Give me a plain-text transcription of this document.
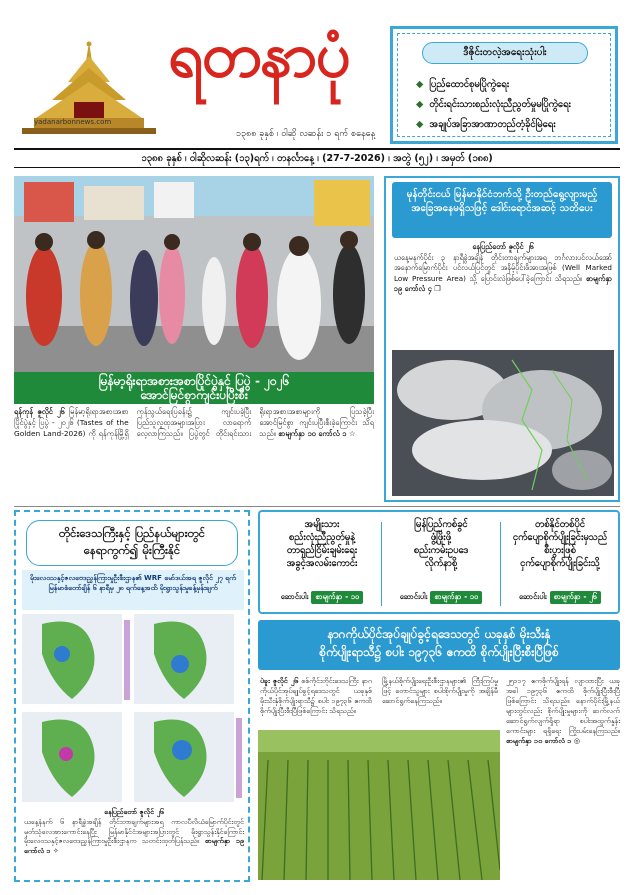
yadanarbonnews.com
ရတနာပုံ
၁၃၈၈ ခုနှစ် ၊ ဝါဆို လဆန်း ၁ ရက် စနေနေ့
၁၃၈၈ ခုနှစ် ၊ ဝါဆိုလဆန်း (၁၃)ရက် ၊ တနင်္လာနေ့ ၊ (27-7-2026) ၊ အတွဲ (၅၂) ၊ အမှတ် (၁၈၈)
ဒီဇိုင်းတလဲ့အရေးသုံးပါး
◆ ပြည်ထောင်စုမပြိုကွဲရေး
◆ တိုင်းရင်းသားစည်းလုံးညီညွတ်မှုမပြိုကွဲရေး
◆ အချုပ်အခြာအာဏာတည်တံ့ခိုင်မြဲရေး
မြန်မာ့ရိုးရာအစားအစာပြိုင်ပွဲနှင့် ပြပွဲ - ၂၀၂၆
အောင်မြင်စွာကျင်းပပြီးစီး
ရန်ကုန် ဇူလိုင် ၂၆ မြန်မာ့ရိုးရာအစားအစာပြိုင်ပွဲနှင့် ပြပွဲ - ၂၀၂၆ (Tastes of the Golden Land-2026) ကို ရန်ကုန်မြို့ရှိ ကုန်သွယ်ရေးပြခန်း၌ ကျင်းပခဲ့ပြီး ပြည်သူလူထုအများအပြား လာရောက်လေ့လာကြသည်။ ပြပွဲတွင် တိုင်းရင်းသားရိုးရာအစားအစာများကို ပြသခဲ့ပြီး အောင်မြင်စွာ ကျင်းပပြီးစီးခဲ့ကြောင်း သိရသည်။ စာမျက်နှာ ၁၀ ကော်လံ ၁ ☆
မုန်တိုင်းငယ် မြန်မာနိုင်ငံဘက်သို့ ဦးတည်ရွေ့လျားမည့်အခြေအနေမရှိသဖြင့် ဒေါင်းရောင်အဆင့် သတိပေး
နေပြည်တော် ဇူလိုင် ၂၆
ယနေ့မနက်ပိုင်း ၃ နာရီခွဲအချိန် တိုင်းတာချက်များအရ ဘင်္ဂလားပင်လယ်အော် အနောက်မြောက်ပိုင်း ပင်လယ်ပြင်တွင် အနိမ့်ပိုင်းဖိအားအဖြစ် (Well Marked Low Pressure Area) သို့ ပြောင်းလဲဖြစ်ပေါ်ခဲ့ကြောင်း သိရသည်။ စာမျက်နှာ ၁၉ ကော်လံ ၄ ❒
တိုင်းဒေသကြီးနှင့် ပြည်နယ်များတွင်
နေရာကွက်၍ မိုးကြီးနိုင်
မိုးလေဝသနှင့်ဇလဗေဒညွှန်ကြားမှုဦးစီးဌာန၏ WRF မော်ဒယ်အရ ဇူလိုင် ၂၇ ရက် မြန်မာစံတော်ချိန် ၆ နာရီမှ ၂၈ ရက်နေ့အထိ မိုးရွာသွန်းမှုခန့်မှန်းချက်
နေပြည်တော် ဇူလိုင် ၂၆
ယနေ့နံနက် ၆ နာရီခွဲအချိန် တိုင်းတာချက်များအရ ကာလပီလိယံမြောက်ပိုင်းတွင် မုတ်သုံလေအားကောင်းနေပြီး မြန်မာနိုင်ငံအများအပြားတွင် မိုးရွာသွန်းနိုင်ကြောင်း မိုးလေဝသနှင့်ဇလဗေဒညွှန်ကြားမှုဦးစီးဌာနက သတင်းထုတ်ပြန်သည်။ စာမျက်နှာ ၁၉ ကော်လံ ၁ ✧
အမျိုးသား
စည်းလုံးညီညွတ်မှုနဲ့
တာရှည်ငြိမ်းချမ်းရေး
အခွင့်အလမ်းကောင်း
ဆောင်းပါး စာမျက်နှာ - ၁၀
မြန်ပြည်ကစ်ခွင်
ဖွံ့ဖြိုးဖို့
စည်းကမ်းဥပဒေ
လိုက်နာစို့
ဆောင်းပါး စာမျက်နှာ - ၁၀
တစ်နိုင်တစ်ပိုင်
ငှက်ပျောစိုက်ပျိုးခြင်းမှသည်
စီးပွားဖြစ်
ငှက်ပျောစိုက်ပျိုးခြင်းသို့
ဆောင်းပါး စာမျက်နှာ - ၂၆
နာဂကိုယ်ပိုင်အုပ်ချုပ်ခွင့်ရဒေသတွင် ယခုနှစ် မိုးသီးနှံ
စိုက်ပျိုးရာသီ၌ စပါး ၁၉၇၃၆ ဧကထိ စိုက်ပျိုးပြီးစီးပြီဖြစ်
ပဲခူး ဇူလိုင် ၂၆ စစ်ကိုင်းတိုင်းဒေသကြီး နာဂကိုယ်ပိုင်အုပ်ချုပ်ခွင့်ရဒေသတွင် ယခုနှစ် မိုးသီးနှံစိုက်ပျိုးရာသီ၌ စပါး ၁၉၇၃၆ ဧကထိ စိုက်ပျိုးပြီးစီးပြီဖြစ်ကြောင်း သိရသည်။
မြို့နယ်စိုက်ပျိုးရေးဦးစီးဌာနများ၏ ကြီးကြပ်မှုဖြင့် တောင်သူများ စပါးစိုက်ပျိုးမှုကို အချိန်မီ ဆောင်ရွက်နေကြသည်။
၂၅၁၁၇ ဧကစိုက်ပျိုးရန် လျာထားပြီး ယခုအခါ ၁၉၇၃၆ ဧကထိ စိုက်ပျိုးပြီးစီးပြီဖြစ်ကြောင်း သိရသည်။ နောက်ပိုင်းမြို့နယ်များတွင်လည်း စိုက်ပျိုးမှုများကို ဆက်လက်ဆောင်ရွက်လျက်ရှိရာ စပါးအထွက်နှုန်းကောင်းများ ရရှိရေး ကြိုးပမ်းနေကြသည်။ စာမျက်နှာ ၁၀ ကော်လံ ၁ ◎
